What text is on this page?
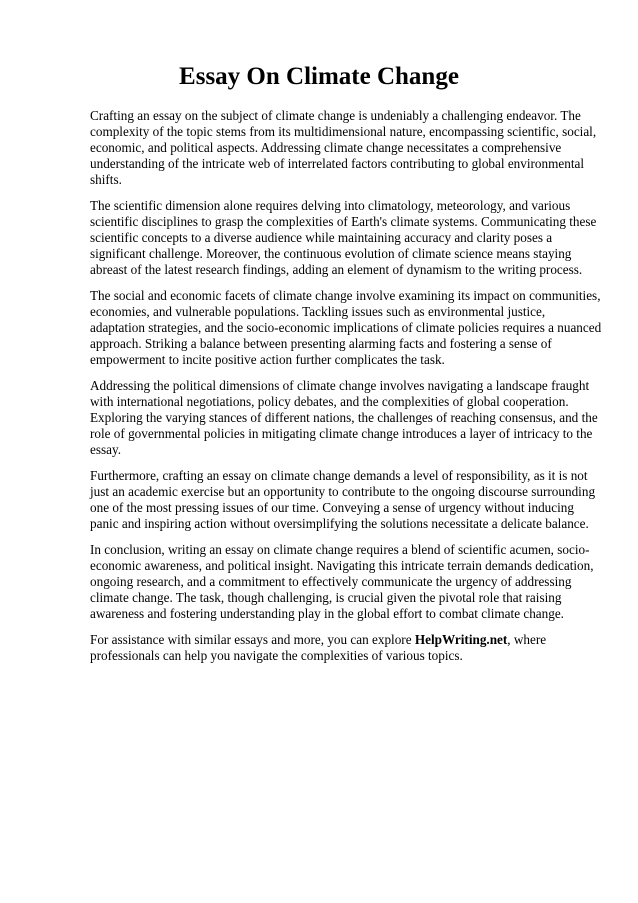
Essay On Climate Change

Crafting an essay on the subject of climate change is undeniably a challenging endeavor. The complexity of the topic stems from its multidimensional nature, encompassing scientific, social, economic, and political aspects. Addressing climate change necessitates a comprehensive understanding of the intricate web of interrelated factors contributing to global environmental shifts.

The scientific dimension alone requires delving into climatology, meteorology, and various scientific disciplines to grasp the complexities of Earth's climate systems. Communicating these scientific concepts to a diverse audience while maintaining accuracy and clarity poses a significant challenge. Moreover, the continuous evolution of climate science means staying abreast of the latest research findings, adding an element of dynamism to the writing process.

The social and economic facets of climate change involve examining its impact on communities, economies, and vulnerable populations. Tackling issues such as environmental justice, adaptation strategies, and the socio-economic implications of climate policies requires a nuanced approach. Striking a balance between presenting alarming facts and fostering a sense of empowerment to incite positive action further complicates the task.

Addressing the political dimensions of climate change involves navigating a landscape fraught with international negotiations, policy debates, and the complexities of global cooperation. Exploring the varying stances of different nations, the challenges of reaching consensus, and the role of governmental policies in mitigating climate change introduces a layer of intricacy to the essay.

Furthermore, crafting an essay on climate change demands a level of responsibility, as it is not just an academic exercise but an opportunity to contribute to the ongoing discourse surrounding one of the most pressing issues of our time. Conveying a sense of urgency without inducing panic and inspiring action without oversimplifying the solutions necessitate a delicate balance.

In conclusion, writing an essay on climate change requires a blend of scientific acumen, socio-economic awareness, and political insight. Navigating this intricate terrain demands dedication, ongoing research, and a commitment to effectively communicate the urgency of addressing climate change. The task, though challenging, is crucial given the pivotal role that raising awareness and fostering understanding play in the global effort to combat climate change.

For assistance with similar essays and more, you can explore HelpWriting.net, where professionals can help you navigate the complexities of various topics.
